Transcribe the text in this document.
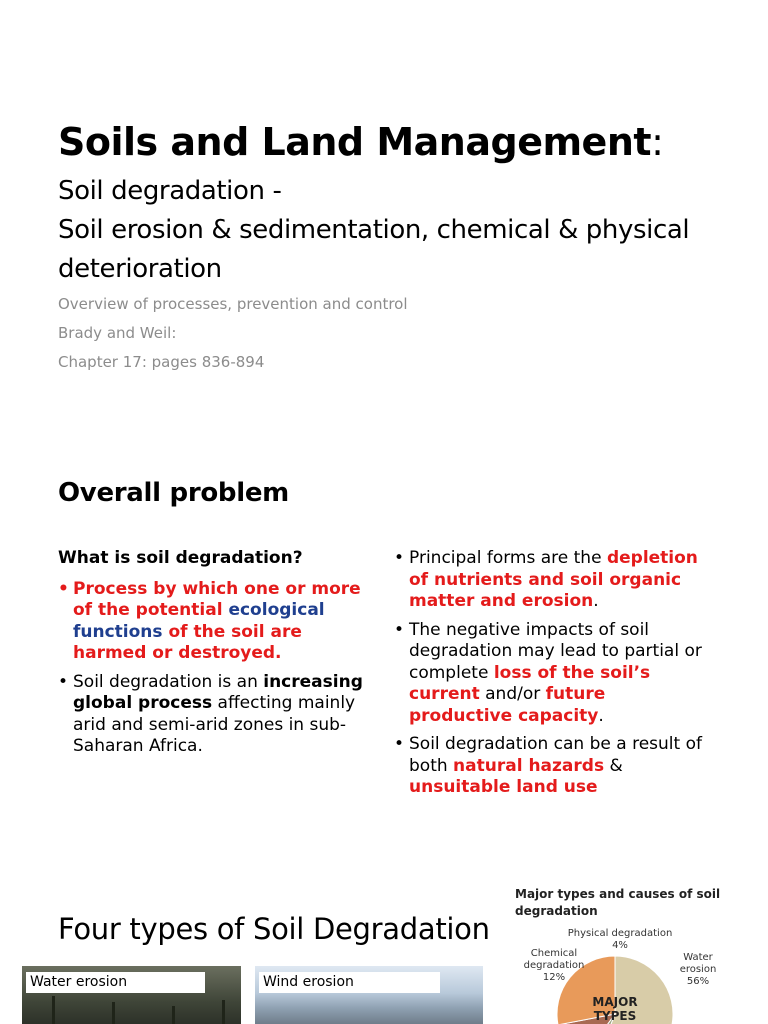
Soils and Land Management:
Soil degradation -
Soil erosion & sedimentation, chemical & physical deterioration
Overview of processes, prevention and control
Brady and Weil:
Chapter 17: pages 836-894
Overall problem
What is soil degradation?
• Process by which one or more of the potential ecological functions of the soil are harmed or destroyed.
• Soil degradation is an increasing global process affecting mainly arid and semi-arid zones in sub-Saharan Africa.
• Principal forms are the depletion of nutrients and soil organic matter and erosion.
• The negative impacts of soil degradation may lead to partial or complete loss of the soil’s current and/or future productive capacity.
• Soil degradation can be a result of both natural hazards & unsuitable land use
Four types of Soil Degradation
Major types and causes of soil degradation
Physical degradation 4%
Chemical degradation 12%
Water erosion 56%
MAJOR TYPES
Water erosion	Wind erosion
